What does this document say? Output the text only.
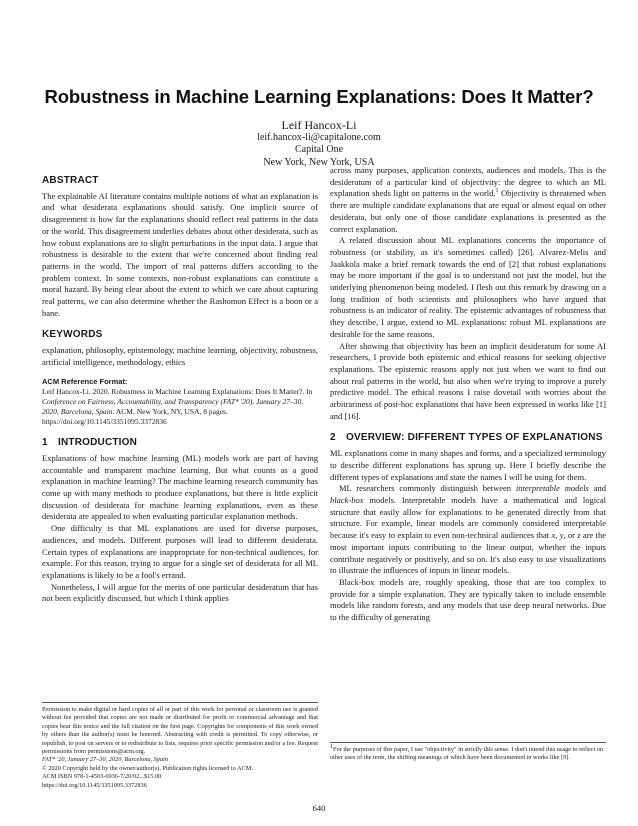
Robustness in Machine Learning Explanations: Does It Matter?
Leif Hancox-Li
leif.hancox-li@capitalone.com
Capital One
New York, New York, USA
ABSTRACT

The explainable AI literature contains multiple notions of what an explanation is and what desiderata explanations should satisfy. One implicit source of disagreement is how far the explanations should reflect real patterns in the data or the world. This disagreement underlies debates about other desiderata, such as how robust explanations are to slight perturbations in the input data. I argue that robustness is desirable to the extent that we're concerned about finding real patterns in the world. The import of real patterns differs according to the problem context. In some contexts, non-robust explanations can constitute a moral hazard. By being clear about the extent to which we care about capturing real patterns, we can also determine whether the Rashomon Effect is a boon or a bane.

KEYWORDS

explanation, philosophy, epistemology, machine learning, objectivity, robustness, artificial intelligence, methodology, ethics

ACM Reference Format:
Leif Hancox-Li. 2020. Robustness in Machine Learning Explanations: Does It Matter?. In Conference on Fairness, Accountability, and Transparency (FAT* '20), January 27–30, 2020, Barcelona, Spain. ACM, New York, NY, USA, 8 pages. https://doi.org/10.1145/3351095.3372836
1 INTRODUCTION

Explanations of how machine learning (ML) models work are part of having accountable and transparent machine learning. But what counts as a good explanation in machine learning? The machine learning research community has come up with many methods to produce explanations, but there is little explicit discussion of desiderata for machine learning explanations, even as these desiderata are appealed to when evaluating particular explanation methods.

One difficulty is that ML explanations are used for diverse purposes, audiences, and models. Different purposes will lead to different desiderata. Certain types of explanations are inappropriate for non-technical audiences, for example. For this reason, trying to argue for a single set of desiderata for all ML explanations is likely to be a fool's errand.

Nonetheless, I will argue for the merits of one particular desideratum that has not been explicitly discussed, but which I think applies

Permission to make digital or hard copies of all or part of this work for personal or classroom use is granted without fee provided that copies are not made or distributed for profit or commercial advantage and that copies bear this notice and the full citation on the first page. Copyrights for components of this work owned by others than the author(s) must be honored. Abstracting with credit is permitted. To copy otherwise, or republish, to post on servers or to redistribute to lists, requires prior specific permission and/or a fee. Request permissions from permissions@acm.org.
FAT* '20, January 27–30, 2020, Barcelona, Spain
© 2020 Copyright held by the owner/author(s). Publication rights licensed to ACM.
ACM ISBN 978-1-4503-6936-7/20/02...$15.00
https://doi.org/10.1145/3351095.3372836

across many purposes, application contexts, audiences and models. This is the desideratum of a particular kind of objectivity: the degree to which an ML explanation sheds light on patterns in the world.$^1$ Objectivity is threatened when there are multiple candidate explanations that are equal or almost equal on other desiderata, but only one of those candidate explanations is presented as the correct explanation.

A related discussion about ML explanations concerns the importance of robustness (or stability, as it's sometimes called) [26]. Alvarez-Melis and Jaakkola make a brief remark towards the end of [2] that robust explanations may be more important if the goal is to understand not just the model, but the underlying phenomenon being modeled. I flesh out this remark by drawing on a long tradition of both scientists and philosophers who have argued that robustness is an indicator of reality. The epistemic advantages of robustness that they describe, I argue, extend to ML explanations: robust ML explanations are desirable for the same reasons.

After showing that objectivity has been an implicit desideratum for some AI researchers, I provide both epistemic and ethical reasons for seeking objective explanations. The epistemic reasons apply not just when we want to find out about real patterns in the world, but also when we're trying to improve a purely predictive model. The ethical reasons I raise dovetail with worries about the arbitrariness of post-hoc explanations that have been expressed in works like [1] and [16].

2	OVERVIEW: DIFFERENT TYPES OF EXPLANATIONS

ML explanations come in many shapes and forms, and a specialized terminology to describe different explanations has sprung up. Here I briefly describe the different types of explanations and state the names I will be using for them.

ML researchers commonly distinguish between interpretable models and black-box models. Interpretable models have a mathematical and logical structure that easily allow for explanations to be generated directly from that structure. For example, linear models are commonly considered interpretable because it's easy to explain to even non-technical audiences that x, y, or z are the most important inputs contributing to the linear output, whether the inputs contribute negatively or positively, and so on. It's also easy to use visualizations to illustrate the influences of inputs in linear models.

Black-box models are, roughly speaking, those that are too complex to provide for a simple explanation. They are typically taken to include ensemble models like random forests, and any models that use deep neural networks. Due to the difficulty of generating

$^1$For the purposes of this paper, I use "objectivity" in strictly this sense. I don't intend this usage to reflect on other uses of the term, the shifting meanings of which have been documented in works like [9].
640
